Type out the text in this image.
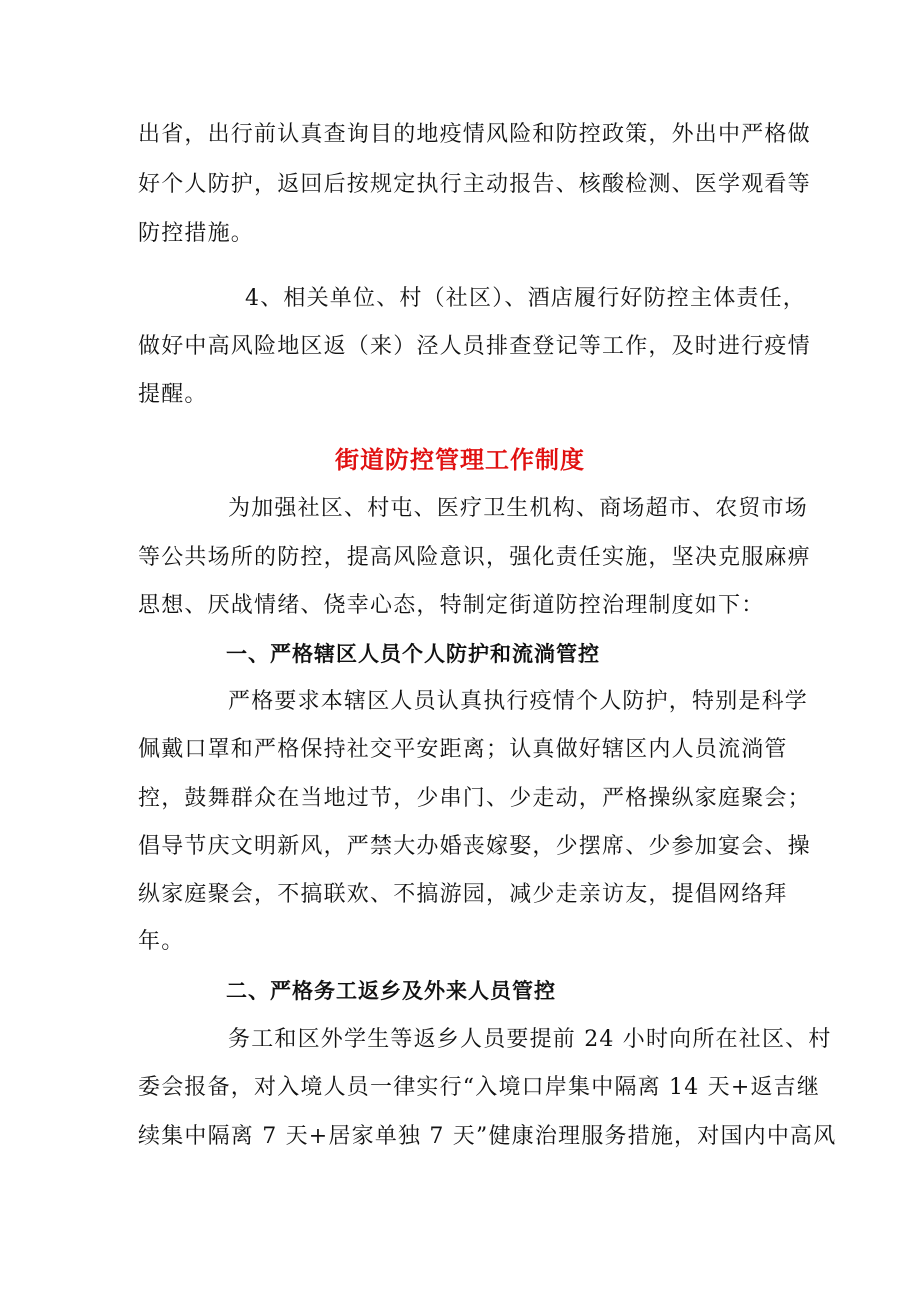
出省，出行前认真查询目的地疫情风险和防控政策，外出中严格做
好个人防护，返回后按规定执行主动报告、核酸检测、医学观看等
防控措施。
4、相关单位、村（社区）、酒店履行好防控主体责任，
做好中高风险地区返（来）泾人员排查登记等工作，及时进行疫情
提醒。
街道防控管理工作制度
为加强社区、村屯、医疗卫生机构、商场超市、农贸市场
等公共场所的防控，提高风险意识，强化责任实施，坚决克服麻痹
思想、厌战情绪、侥幸心态，特制定街道防控治理制度如下：
一、严格辖区人员个人防护和流淌管控
严格要求本辖区人员认真执行疫情个人防护，特别是科学
佩戴口罩和严格保持社交平安距离；认真做好辖区内人员流淌管
控，鼓舞群众在当地过节，少串门、少走动，严格操纵家庭聚会；
倡导节庆文明新风，严禁大办婚丧嫁娶，少摆席、少参加宴会、操
纵家庭聚会，不搞联欢、不搞游园，减少走亲访友，提倡网络拜
年。
二、严格务工返乡及外来人员管控
务工和区外学生等返乡人员要提前 24 小时向所在社区、村
委会报备，对入境人员一律实行“入境口岸集中隔离 14 天+返吉继
续集中隔离 7 天+居家单独 7 天”健康治理服务措施，对国内中高风
